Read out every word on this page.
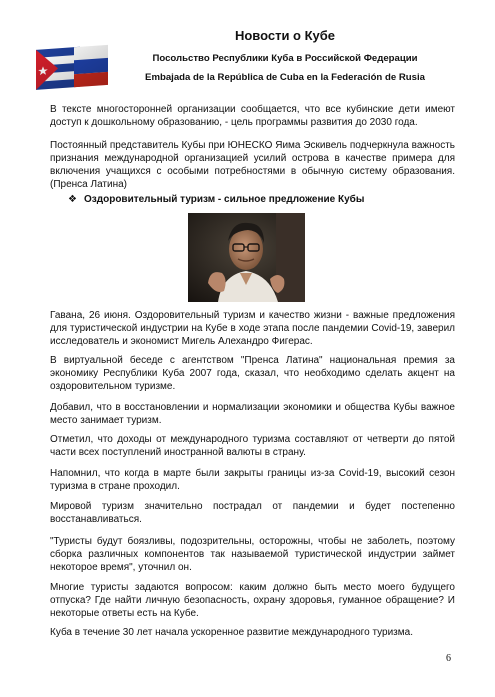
Новости о Кубе
Посольство Республики Куба в Российской Федерации
Embajada de la República de Cuba en la Federación de Rusia

В тексте многосторонней организации сообщается, что все кубинские дети имеют доступ к дошкольному образованию, - цель программы развития до 2030 года.

Постоянный представитель Кубы при ЮНЕСКО Яима Эскивель подчеркнула важность признания международной организацией усилий острова в качестве примера для включения учащихся с особыми потребностями в обычную систему образования. (Пренса Латина)

❖ Оздоровительный туризм - сильное предложение Кубы

Гавана, 26 июня. Оздоровительный туризм и качество жизни - важные предложения для туристической индустрии на Кубе в ходе этапа после пандемии Covid-19, заверил исследователь и экономист Мигель Алехандро Фигерас.

В виртуальной беседе с агентством "Пренса Латина" национальная премия за экономику Республики Куба 2007 года, сказал, что необходимо сделать акцент на оздоровительном туризме.

Добавил, что в восстановлении и нормализации экономики и общества Кубы важное место занимает туризм.

Отметил, что доходы от международного туризма составляют от четверти до пятой части всех поступлений иностранной валюты в страну.

Напомнил, что когда в марте были закрыты границы из-за Covid-19, высокий сезон туризма в стране проходил.

Мировой туризм значительно пострадал от пандемии и будет постепенно восстанавливаться.

"Туристы будут боязливы, подозрительны, осторожны, чтобы не заболеть, поэтому сборка различных компонентов так называемой туристической индустрии займет некоторое время", уточнил он.

Многие туристы задаются вопросом: каким должно быть место моего будущего отпуска? Где найти личную безопасность, охрану здоровья, гуманное обращение? И некоторые ответы есть на Кубе.

Куба в течение 30 лет начала ускоренное развитие международного туризма.

6
